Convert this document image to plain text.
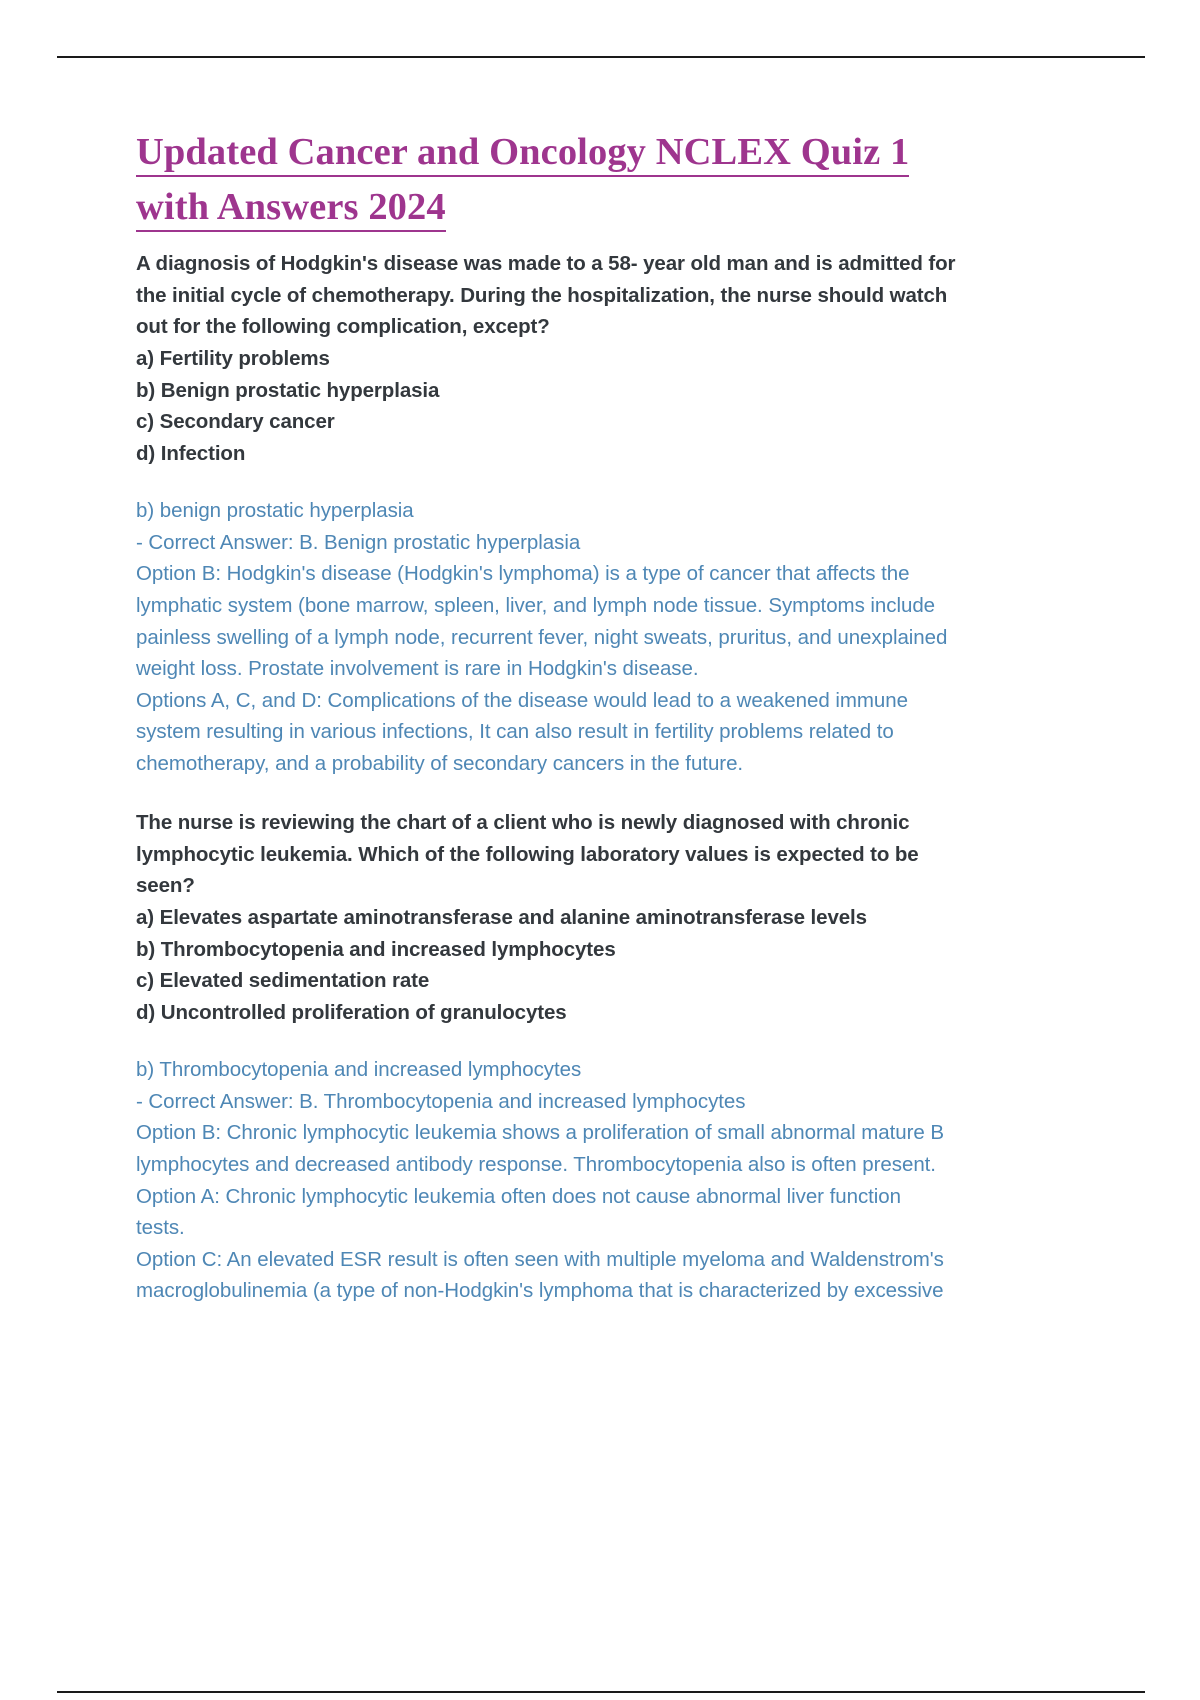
Updated Cancer and Oncology NCLEX Quiz 1
with Answers 2024
A diagnosis of Hodgkin's disease was made to a 58- year old man and is admitted for
the initial cycle of chemotherapy. During the hospitalization, the nurse should watch
out for the following complication, except?
a) Fertility problems
b) Benign prostatic hyperplasia
c) Secondary cancer
d) Infection
b) benign prostatic hyperplasia
- Correct Answer: B. Benign prostatic hyperplasia
Option B: Hodgkin's disease (Hodgkin's lymphoma) is a type of cancer that affects the
lymphatic system (bone marrow, spleen, liver, and lymph node tissue. Symptoms include
painless swelling of a lymph node, recurrent fever, night sweats, pruritus, and unexplained
weight loss. Prostate involvement is rare in Hodgkin's disease.
Options A, C, and D: Complications of the disease would lead to a weakened immune
system resulting in various infections, It can also result in fertility problems related to
chemotherapy, and a probability of secondary cancers in the future.
The nurse is reviewing the chart of a client who is newly diagnosed with chronic
lymphocytic leukemia. Which of the following laboratory values is expected to be
seen?
a) Elevates aspartate aminotransferase and alanine aminotransferase levels
b) Thrombocytopenia and increased lymphocytes
c) Elevated sedimentation rate
d) Uncontrolled proliferation of granulocytes
b) Thrombocytopenia and increased lymphocytes
- Correct Answer: B. Thrombocytopenia and increased lymphocytes
Option B: Chronic lymphocytic leukemia shows a proliferation of small abnormal mature B
lymphocytes and decreased antibody response. Thrombocytopenia also is often present.
Option A: Chronic lymphocytic leukemia often does not cause abnormal liver function
tests.
Option C: An elevated ESR result is often seen with multiple myeloma and Waldenstrom's
macroglobulinemia (a type of non-Hodgkin's lymphoma that is characterized by excessive
